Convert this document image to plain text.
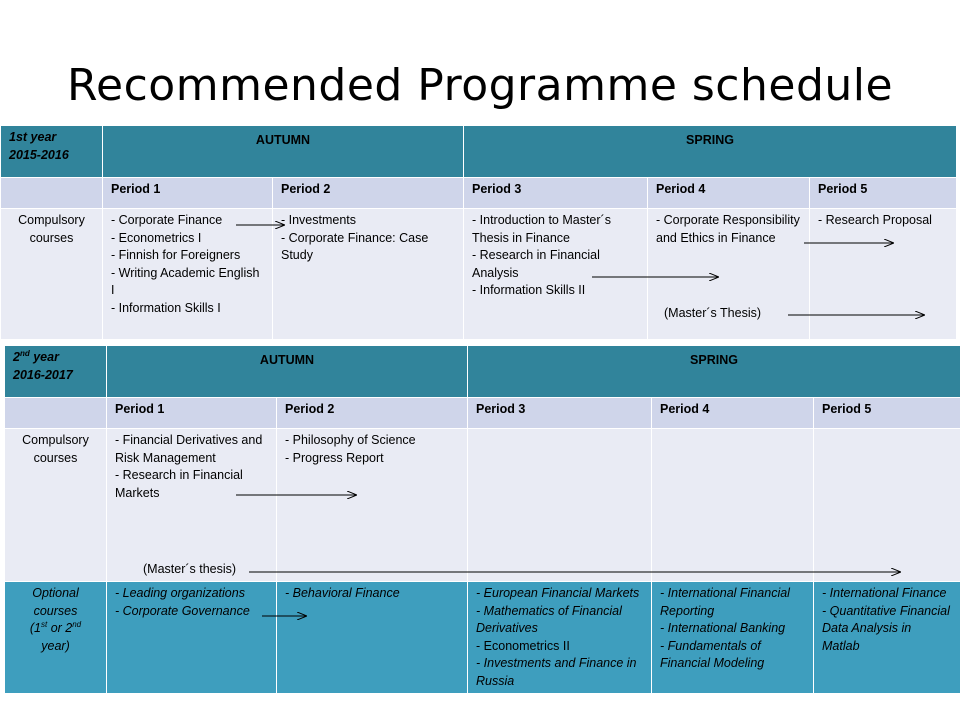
Recommended Programme schedule
1st year
2015-2016	AUTUMN		SPRING		
	Period 1	Period 2	Period 3	Period 4	Period 5
Compulsory courses	- Corporate Finance
- Econometrics I
- Finnish for Foreigners
- Writing Academic English I
- Information Skills I	- Investments
- Corporate Finance: Case Study	- Introduction to Master´s Thesis in Finance
- Research in Financial Analysis
- Information Skills II	- Corporate Responsibility and Ethics in Finance	- Research Proposal
(Master´s Thesis)
2nd year
2016-2017	AUTUMN		SPRING		
	Period 1	Period 2	Period 3	Period 4	Period 5
Compulsory courses	- Financial Derivatives and Risk Management
- Research in Financial Markets	- Philosophy of Science
- Progress Report			

Optional courses
(1st or 2nd
year)	- Leading organizations
- Corporate Governance	- Behavioral Finance	- European Financial Markets
- Mathematics of Financial Derivatives
- Econometrics II
- Investments and Finance in Russia	- International Financial Reporting
- International Banking
- Fundamentals of Financial Modeling	- International Finance
- Quantitative Financial Data Analysis in Matlab
(Master´s thesis)
